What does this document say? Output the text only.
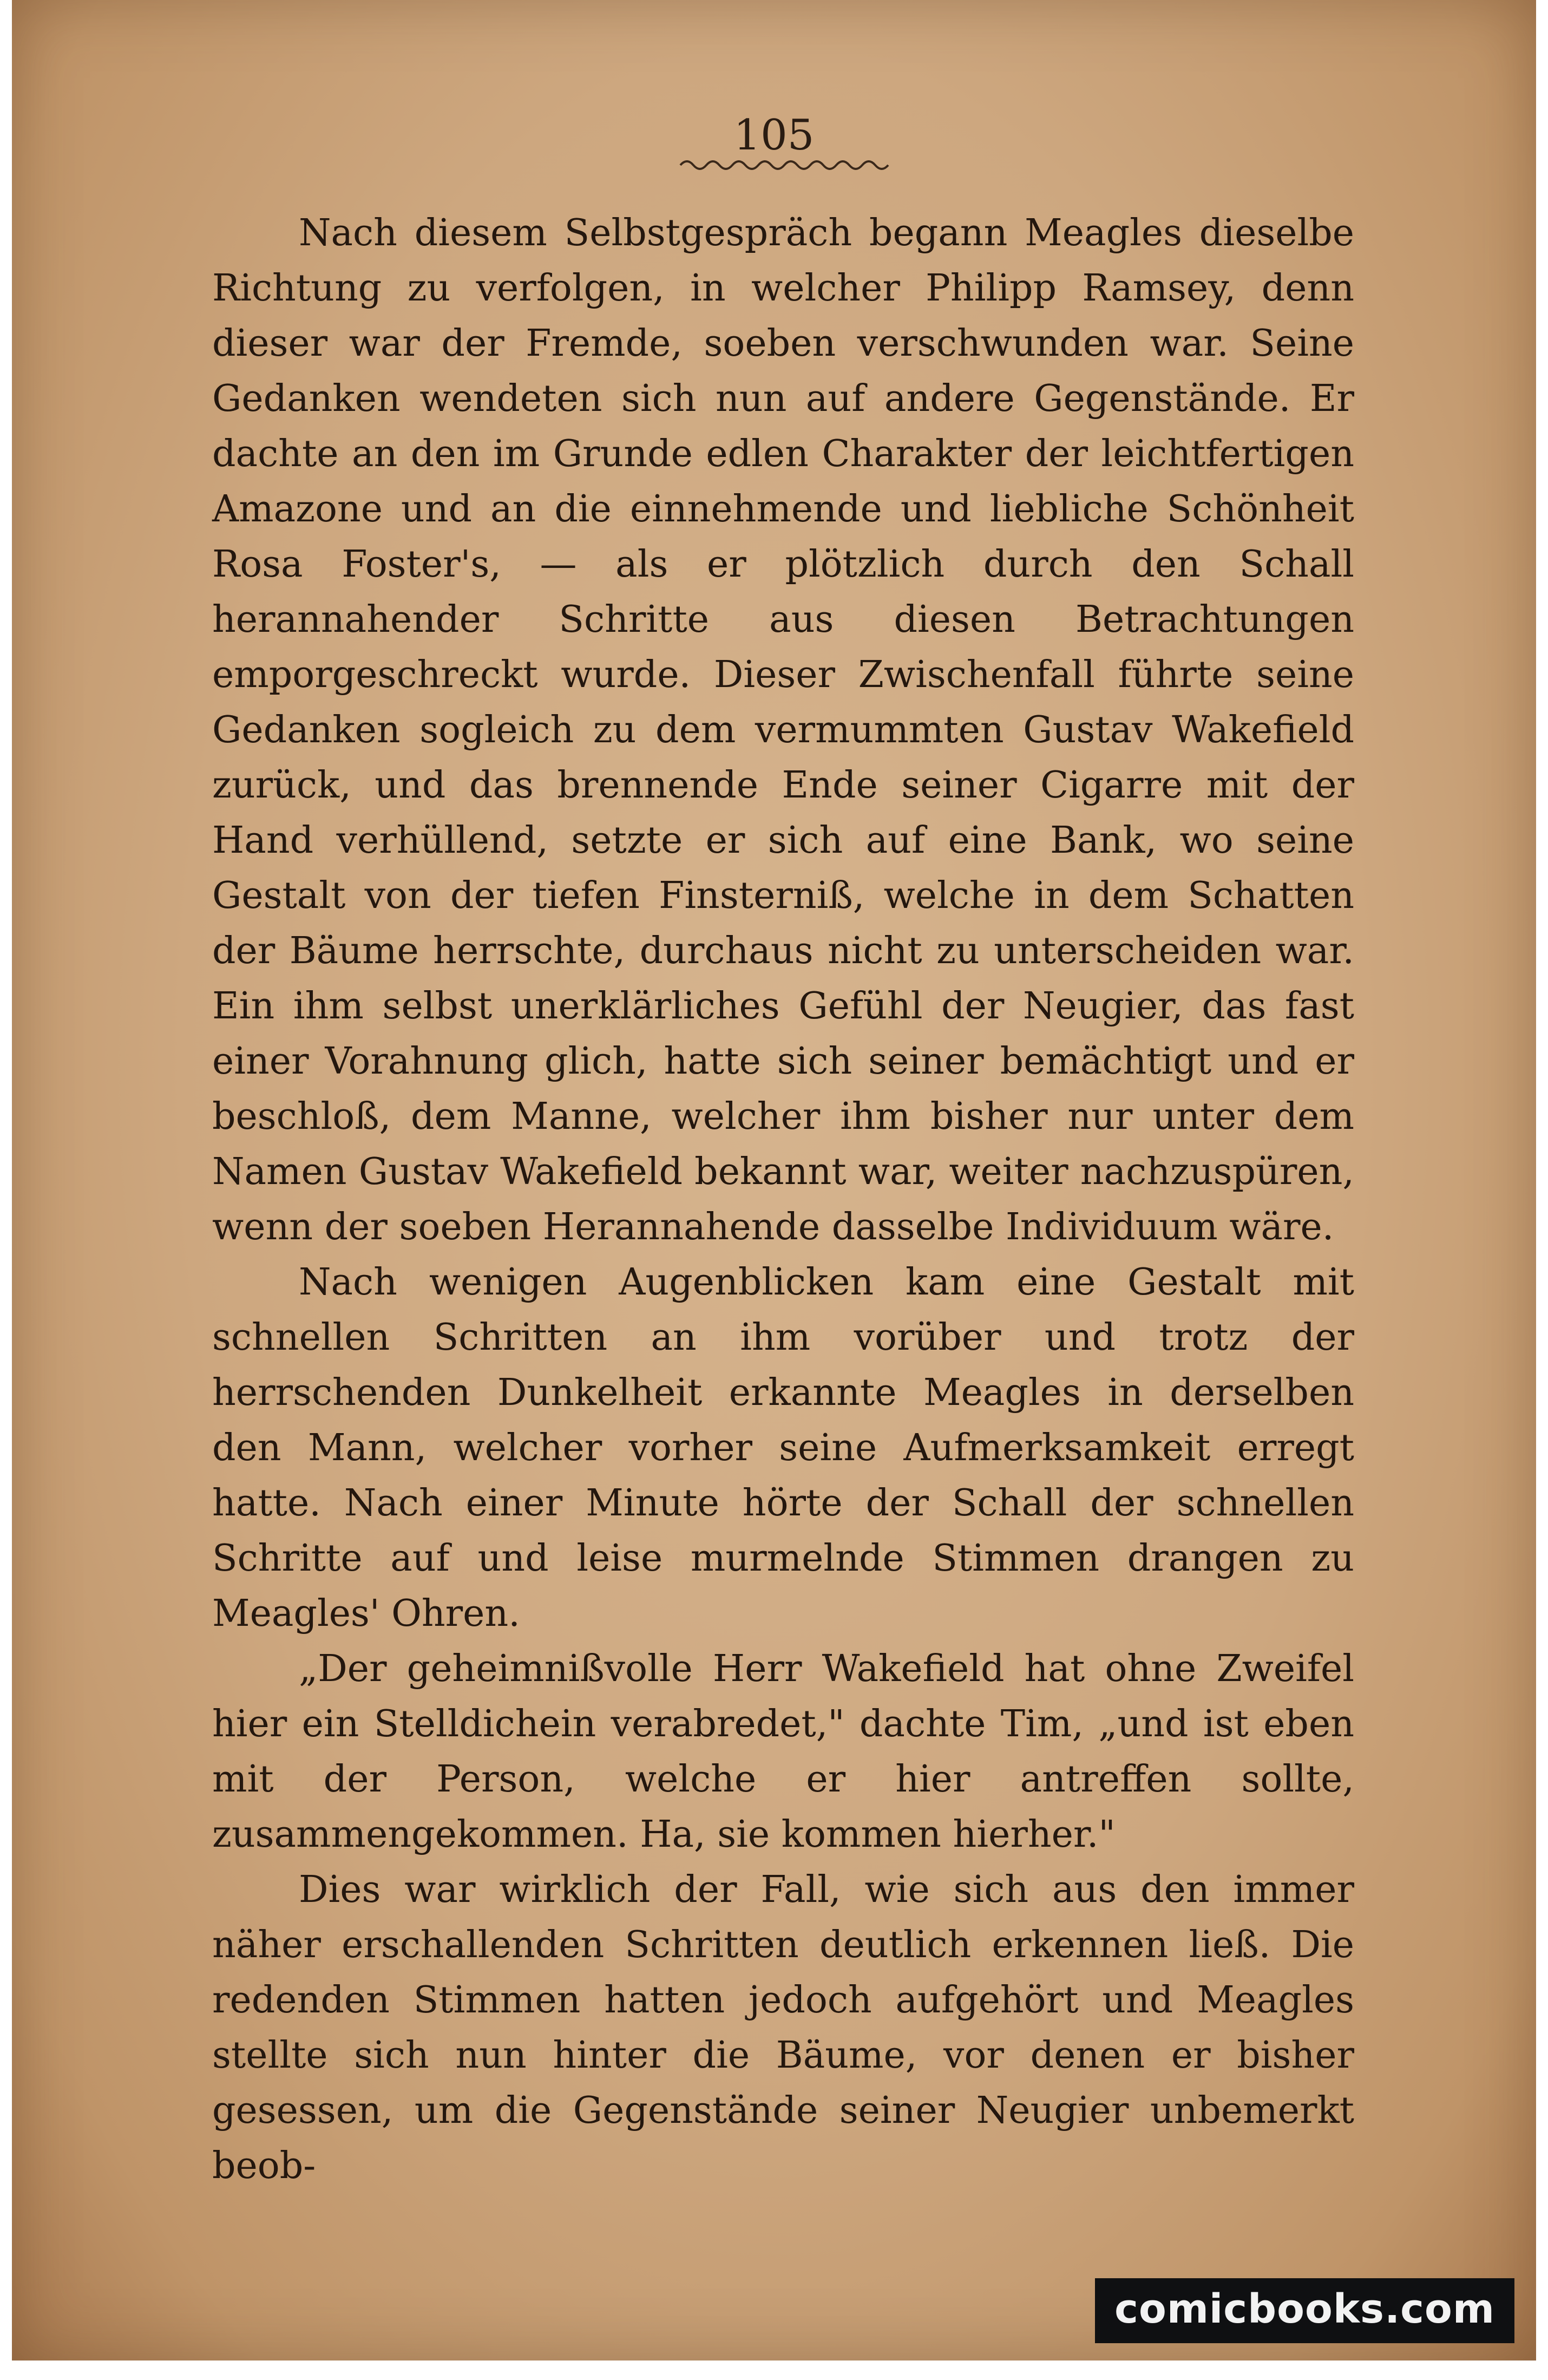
105

Nach diesem Selbstgespräch begann Meagles dieselbe Richtung zu verfolgen, in welcher Philipp Ramsey, denn dieser war der Fremde, soeben verschwunden war. Seine Gedanken wendeten sich nun auf andere Gegenstände. Er dachte an den im Grunde edlen Charakter der leichtfertigen Amazone und an die einnehmende und liebliche Schönheit Rosa Foster's, — als er plötzlich durch den Schall herannahender Schritte aus diesen Betrachtungen emporgeschreckt wurde. Dieser Zwischenfall führte seine Gedanken sogleich zu dem vermummten Gustav Wakefield zurück, und das brennende Ende seiner Cigarre mit der Hand verhüllend, setzte er sich auf eine Bank, wo seine Gestalt von der tiefen Finsterniß, welche in dem Schatten der Bäume herrschte, durchaus nicht zu unterscheiden war. Ein ihm selbst unerklärliches Gefühl der Neugier, das fast einer Vorahnung glich, hatte sich seiner bemächtigt und er beschloß, dem Manne, welcher ihm bisher nur unter dem Namen Gustav Wakefield bekannt war, weiter nachzuspüren, wenn der soeben Herannahende dasselbe Individuum wäre.

Nach wenigen Augenblicken kam eine Gestalt mit schnellen Schritten an ihm vorüber und trotz der herrschenden Dunkelheit erkannte Meagles in derselben den Mann, welcher vorher seine Aufmerksamkeit erregt hatte. Nach einer Minute hörte der Schall der schnellen Schritte auf und leise murmelnde Stimmen drangen zu Meagles' Ohren.

„Der geheimnißvolle Herr Wakefield hat ohne Zweifel hier ein Stelldichein verabredet," dachte Tim, „und ist eben mit der Person, welche er hier antreffen sollte, zusammengekommen. Ha, sie kommen hierher."

Dies war wirklich der Fall, wie sich aus den immer näher erschallenden Schritten deutlich erkennen ließ. Die redenden Stimmen hatten jedoch aufgehört und Meagles stellte sich nun hinter die Bäume, vor denen er bisher gesessen, um die Gegenstände seiner Neugier unbemerkt beob-

comicbooks.com
